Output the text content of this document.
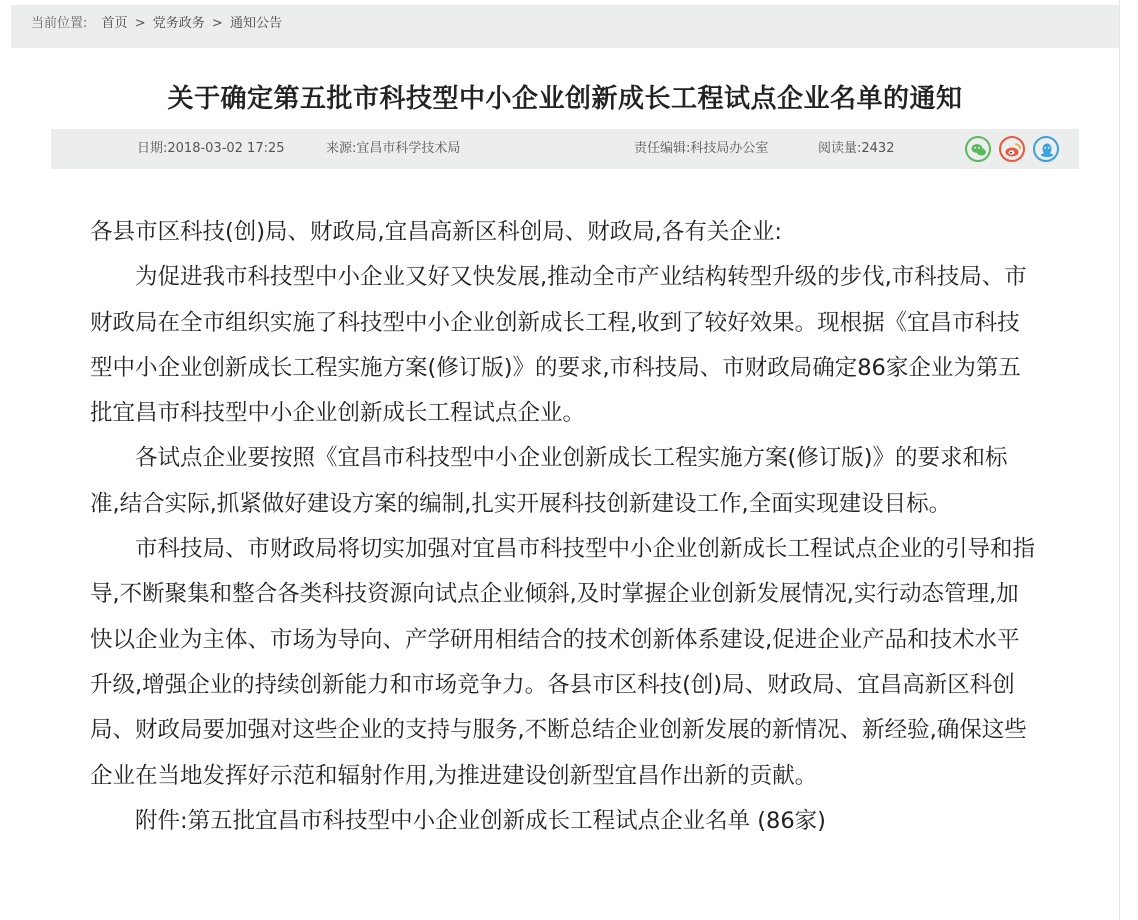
当前位置: 首页 > 党务政务 > 通知公告
关于确定第五批市科技型中小企业创新成长工程试点企业名单的通知
日期:2018-03-02 17:25	来源:宜昌市科学技术局	责任编辑:科技局办公室	阅读量:2432

各县市区科技(创)局、财政局,宜昌高新区科创局、财政局,各有关企业:

为促进我市科技型中小企业又好又快发展,推动全市产业结构转型升级的步伐,市科技局、市财政局在全市组织实施了科技型中小企业创新成长工程,收到了较好效果。现根据《宜昌市科技型中小企业创新成长工程实施方案(修订版)》的要求,市科技局、市财政局确定86家企业为第五批宜昌市科技型中小企业创新成长工程试点企业。

各试点企业要按照《宜昌市科技型中小企业创新成长工程实施方案(修订版)》的要求和标准,结合实际,抓紧做好建设方案的编制,扎实开展科技创新建设工作,全面实现建设目标。

市科技局、市财政局将切实加强对宜昌市科技型中小企业创新成长工程试点企业的引导和指导,不断聚集和整合各类科技资源向试点企业倾斜,及时掌握企业创新发展情况,实行动态管理,加快以企业为主体、市场为导向、产学研用相结合的技术创新体系建设,促进企业产品和技术水平升级,增强企业的持续创新能力和市场竞争力。各县市区科技(创)局、财政局、宜昌高新区科创局、财政局要加强对这些企业的支持与服务,不断总结企业创新发展的新情况、新经验,确保这些企业在当地发挥好示范和辐射作用,为推进建设创新型宜昌作出新的贡献。

附件:第五批宜昌市科技型中小企业创新成长工程试点企业名单 (86家)
